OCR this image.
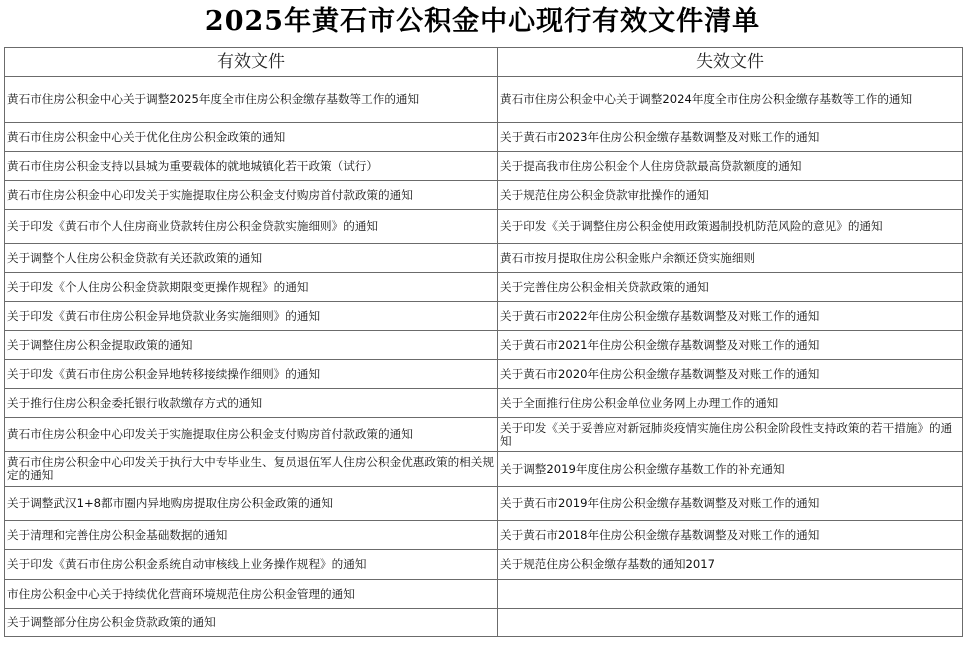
2025年黄石市公积金中心现行有效文件清单
有效文件	失效文件
黄石市住房公积金中心关于调整2025年度全市住房公积金缴存基数等工作的通知	黄石市住房公积金中心关于调整2024年度全市住房公积金缴存基数等工作的通知
黄石市住房公积金中心关于优化住房公积金政策的通知	关于黄石市2023年住房公积金缴存基数调整及对账工作的通知
黄石市住房公积金支持以县城为重要载体的就地城镇化若干政策（试行）	关于提高我市住房公积金个人住房贷款最高贷款额度的通知
黄石市住房公积金中心印发关于实施提取住房公积金支付购房首付款政策的通知	关于规范住房公积金贷款审批操作的通知
关于印发《黄石市个人住房商业贷款转住房公积金贷款实施细则》的通知	关于印发《关于调整住房公积金使用政策遏制投机防范风险的意见》的通知
关于调整个人住房公积金贷款有关还款政策的通知	黄石市按月提取住房公积金账户余额还贷实施细则
关于印发《个人住房公积金贷款期限变更操作规程》的通知	关于完善住房公积金相关贷款政策的通知
关于印发《黄石市住房公积金异地贷款业务实施细则》的通知	关于黄石市2022年住房公积金缴存基数调整及对账工作的通知
关于调整住房公积金提取政策的通知	关于黄石市2021年住房公积金缴存基数调整及对账工作的通知
关于印发《黄石市住房公积金异地转移接续操作细则》的通知	关于黄石市2020年住房公积金缴存基数调整及对账工作的通知
关于推行住房公积金委托银行收款缴存方式的通知	关于全面推行住房公积金单位业务网上办理工作的通知
黄石市住房公积金中心印发关于实施提取住房公积金支付购房首付款政策的通知	关于印发《关于妥善应对新冠肺炎疫情实施住房公积金阶段性支持政策的若干措施》的通知
黄石市住房公积金中心印发关于执行大中专毕业生、复员退伍军人住房公积金优惠政策的相关规定的通知	关于调整2019年度住房公积金缴存基数工作的补充通知
关于调整武汉1+8都市圈内异地购房提取住房公积金政策的通知	关于黄石市2019年住房公积金缴存基数调整及对账工作的通知
关于清理和完善住房公积金基础数据的通知	关于黄石市2018年住房公积金缴存基数调整及对账工作的通知
关于印发《黄石市住房公积金系统自动审核线上业务操作规程》的通知	关于规范住房公积金缴存基数的通知2017
市住房公积金中心关于持续优化营商环境规范住房公积金管理的通知	
关于调整部分住房公积金贷款政策的通知	
